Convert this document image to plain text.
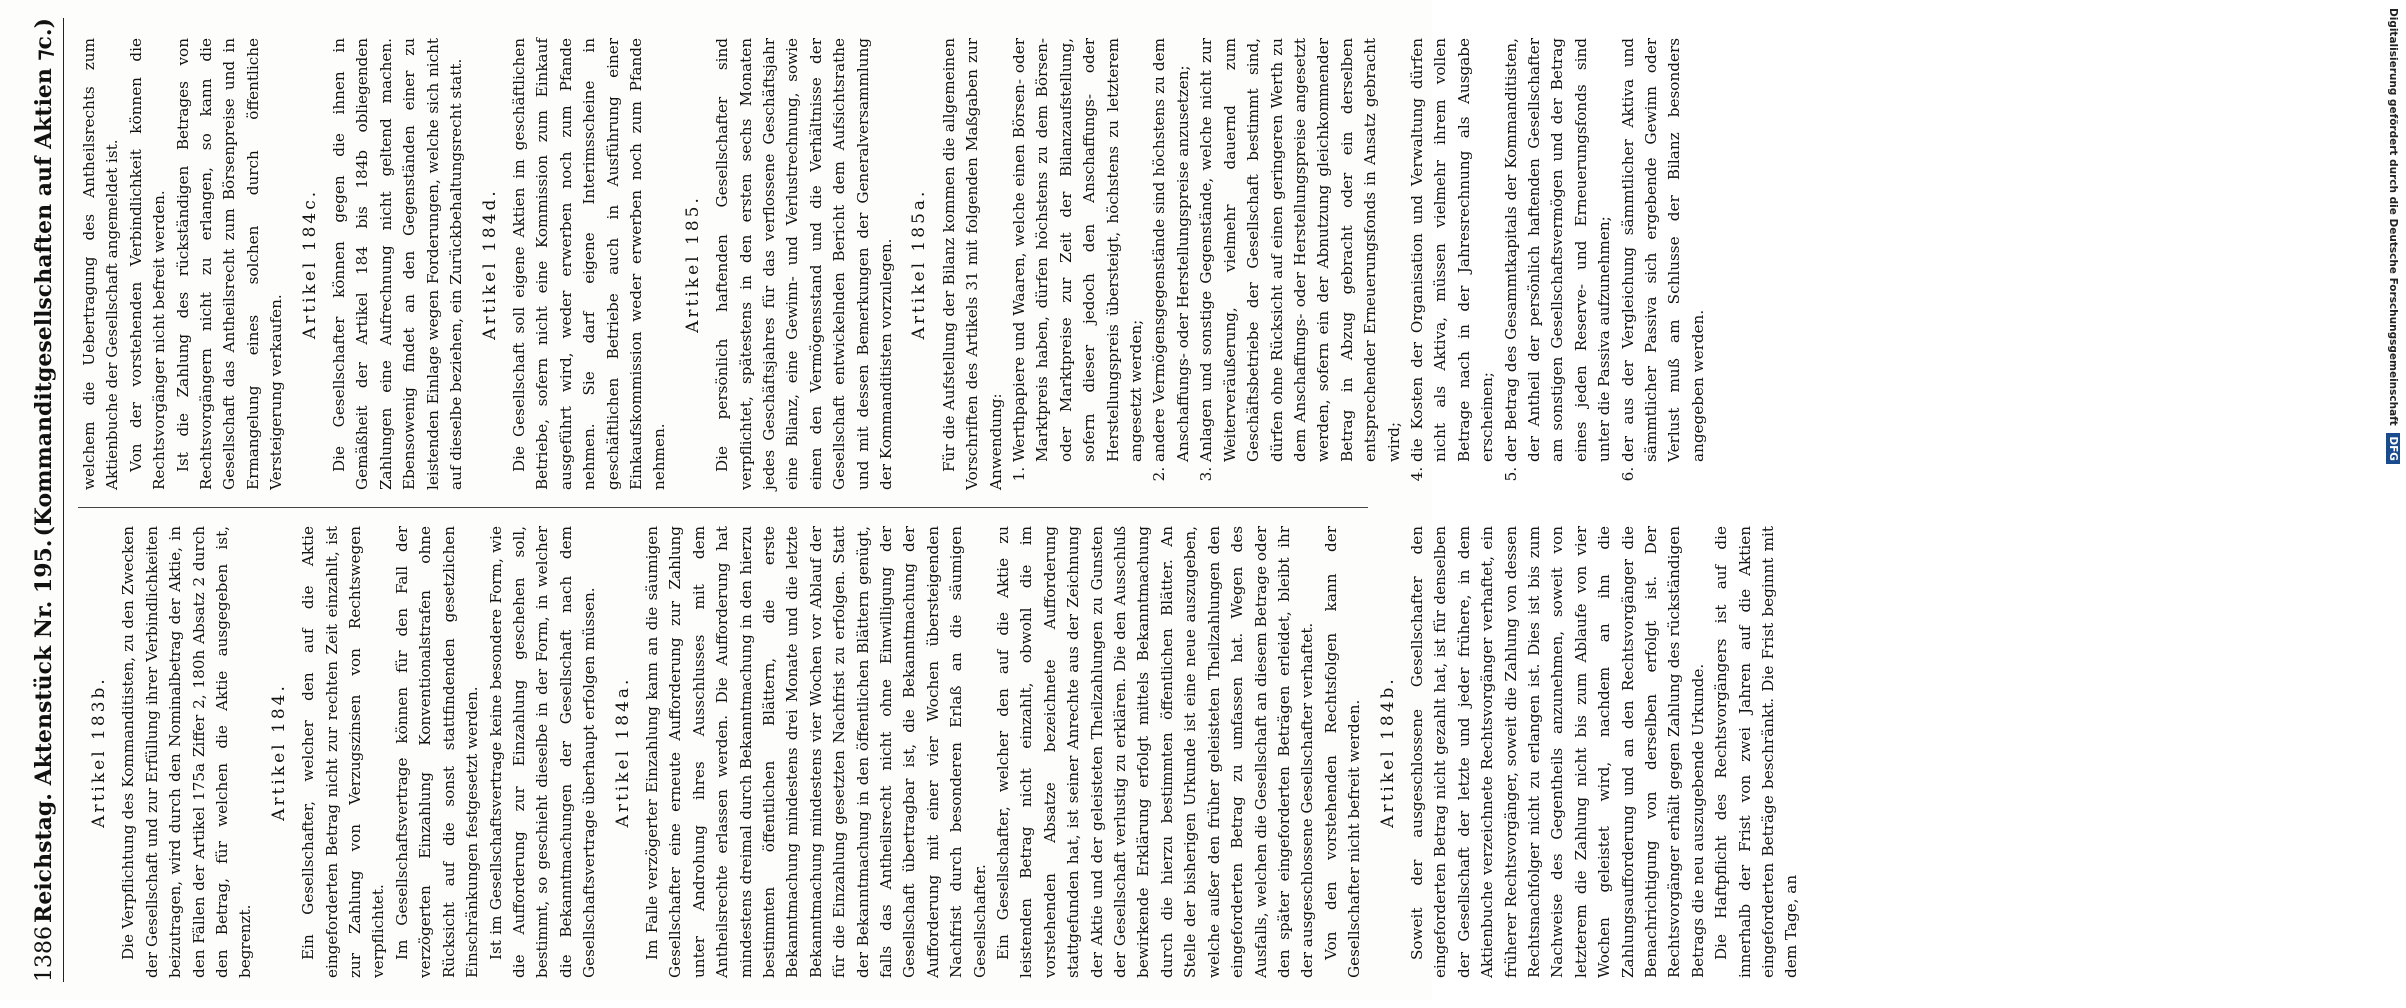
1386
Reichstag. Aktenstück Nr. 195.
(Kommanditgesellschaften auf Aktien ⁊c.)
Artikel 183b. Die Verpflichtung des Kommanditisten, zu den Zwecken der Gesellschaft und zur Erfüllung ihrer Verbindlichkeiten beizutragen, wird durch den Nominalbetrag der Aktie, in den Fällen der Artikel 175a Ziffer 2, 180h Absatz 2 durch den Betrag, für welchen die Aktie ausgegeben ist, begrenzt.

Artikel 184. Ein Gesellschafter, welcher den auf die Aktie eingeforderten Betrag nicht zur rechten Zeit einzahlt, ist zur Zahlung von Verzugszinsen von Rechtswegen verpflichtet. Im Gesellschaftsvertrage können für den Fall der verzögerten Einzahlung Konventionalstrafen ohne Rücksicht auf die sonst stattfindenden gesetzlichen Einschränkungen festgesetzt werden. Ist im Gesellschaftsvertrage keine besondere Form, wie die Aufforderung zur Einzahlung geschehen soll, bestimmt, so geschieht dieselbe in der Form, in welcher die Bekanntmachungen der Gesellschaft nach dem Gesellschaftsvertrage überhaupt erfolgen müssen. Artikel 184a. Im Falle verzögerter Einzahlung kann an die säumigen Gesellschafter eine erneute Aufforderung zur Zahlung unter Androhung ihres Ausschlusses mit dem Antheilsrechte erlassen werden. Die Aufforderung hat mindestens dreimal durch Bekanntmachung in den hierzu bestimmten öffentlichen Blättern, die erste Bekanntmachung mindestens drei Monate und die letzte Bekanntmachung mindestens vier Wochen vor Ablauf der für die Einzahlung gesetzten Nachfrist zu erfolgen. Statt der Bekanntmachung in den öffentlichen Blättern genügt, falls das Antheilsrecht nicht ohne Einwilligung der Gesellschaft übertragbar ist, die Bekanntmachung der Aufforderung mit einer vier Wochen übersteigenden Nachfrist durch besonderen Erlaß an die säumigen Gesellschafter. Ein Gesellschafter, welcher den auf die Aktie zu leistenden Betrag nicht einzahlt, obwohl die im vorstehenden Absatze bezeichnete Aufforderung stattgefunden hat, ist seiner Anrechte aus der Zeichnung der Aktie und der geleisteten Theilzahlungen zu Gunsten der Gesellschaft verlustig zu erklären. Die den Ausschluß bewirkende Erklärung erfolgt mittels Bekanntmachung durch die hierzu bestimmten öffentlichen Blätter. An Stelle der bisherigen Urkunde ist eine neue auszugeben, welche außer den früher geleisteten Theilzahlungen den eingeforderten Betrag zu umfassen hat. Wegen des Ausfalls, welchen die Gesellschaft an diesem Betrage oder den später eingeforderten Beträgen erleidet, bleibt ihr der ausgeschlossene Gesellschafter verhaftet. Von den vorstehenden Rechtsfolgen kann der Gesellschafter nicht befreit werden. Artikel 184b. Soweit der ausgeschlossene Gesellschafter den eingeforderten Betrag nicht gezahlt hat, ist für denselben der Gesellschaft der letzte und jeder frühere, in dem Aktienbuche verzeichnete Rechtsvorgänger verhaftet, ein früherer Rechtsvorgänger, soweit die Zahlung von dessen Rechtsnachfolger nicht zu erlangen ist. Dies ist bis zum Nachweise des Gegentheils anzunehmen, soweit von letzterem die Zahlung nicht bis zum Ablaufe von vier Wochen geleistet wird, nachdem an ihn die Zahlungsaufforderung und an den Rechtsvorgänger die Benachrichtigung von derselben erfolgt ist. Der Rechtsvorgänger erhält gegen Zahlung des rückständigen Betrags die neu auszugebende Urkunde. Die Haftpflicht des Rechtsvorgängers ist auf die innerhalb der Frist von zwei Jahren auf die Aktien eingeforderten Beträge beschränkt. Die Frist beginnt mit dem Tage, an

welchem die Uebertragung des Antheilsrechts zum Aktienbuche der Gesellschaft angemeldet ist. Von der vorstehenden Verbindlichkeit können die Rechtsvorgänger nicht befreit werden. Ist die Zahlung des rückständigen Betrages von Rechtsvorgängern nicht zu erlangen, so kann die Gesellschaft das Antheilsrecht zum Börsenpreise und in Ermangelung eines solchen durch öffentliche Versteigerung verkaufen.

Artikel 184c. Die Gesellschafter können gegen die ihnen in Gemäßheit der Artikel 184 bis 184b obliegenden Zahlungen eine Aufrechnung nicht geltend machen. Ebensowenig findet an den Gegenständen einer zu leistenden Einlage wegen Forderungen, welche sich nicht auf dieselbe beziehen, ein Zurückbehaltungsrecht statt. Artikel 184d. Die Gesellschaft soll eigene Aktien im geschäftlichen Betriebe, sofern nicht eine Kommission zum Einkauf ausgeführt wird, weder erwerben noch zum Pfande nehmen. Sie darf eigene Interimsscheine in geschäftlichen Betriebe auch in Ausführung einer Einkaufskommission weder erwerben noch zum Pfande nehmen.

Artikel 185. Die persönlich haftenden Gesellschafter sind verpflichtet, spätestens in den ersten sechs Monaten jedes Geschäftsjahres für das verflossene Geschäftsjahr eine Bilanz, eine Gewinn- und Verlustrechnung, sowie einen den Vermögensstand und die Verhältnisse der Gesellschaft entwickelnden Bericht dem Aufsichtsrathe und mit dessen Bemerkungen der Generalversammlung der Kommanditisten vorzulegen. Artikel 185a. Für die Aufstellung der Bilanz kommen die allgemeinen Vorschriften des Artikels 31 mit folgenden Maßgaben zur Anwendung: 1. Werthpapiere und Waaren, welche einen Börsen- oder Marktpreis haben, dürfen höchstens zu dem Börsen- oder Marktpreise zur Zeit der Bilanzaufstellung, sofern dieser jedoch den Anschaffungs- oder Herstellungspreis übersteigt, höchstens zu letzterem angesetzt werden; 2. andere Vermögensgegenstände sind höchstens zu dem Anschaffungs- oder Herstellungspreise anzusetzen; 3. Anlagen und sonstige Gegenstände, welche nicht zur Weiterveräußerung, vielmehr dauernd zum Geschäftsbetriebe der Gesellschaft bestimmt sind, dürfen ohne Rücksicht auf einen geringeren Werth zu dem Anschaffungs- oder Herstellungspreise angesetzt werden, sofern ein der Abnutzung gleichkommender Betrag in Abzug gebracht oder ein derselben entsprechender Erneuerungsfonds in Ansatz gebracht wird; 4. die Kosten der Organisation und Verwaltung dürfen nicht als Aktiva, müssen vielmehr ihrem vollen Betrage nach in der Jahresrechnung als Ausgabe erscheinen; 5. der Betrag des Gesammtkapitals der Kommanditisten, der Antheil der persönlich haftenden Gesellschafter am sonstigen Gesellschaftsvermögen und der Betrag eines jeden Reserve- und Erneuerungsfonds sind unter die Passiva aufzunehmen; 6. der aus der Vergleichung sämmtlicher Aktiva und sämmtlicher Passiva sich ergebende Gewinn oder Verlust muß am Schlusse der Bilanz besonders angegeben werden.	Digitalisierung gefördert durch die Deutsche Forschungsgemeinschaft DFG
